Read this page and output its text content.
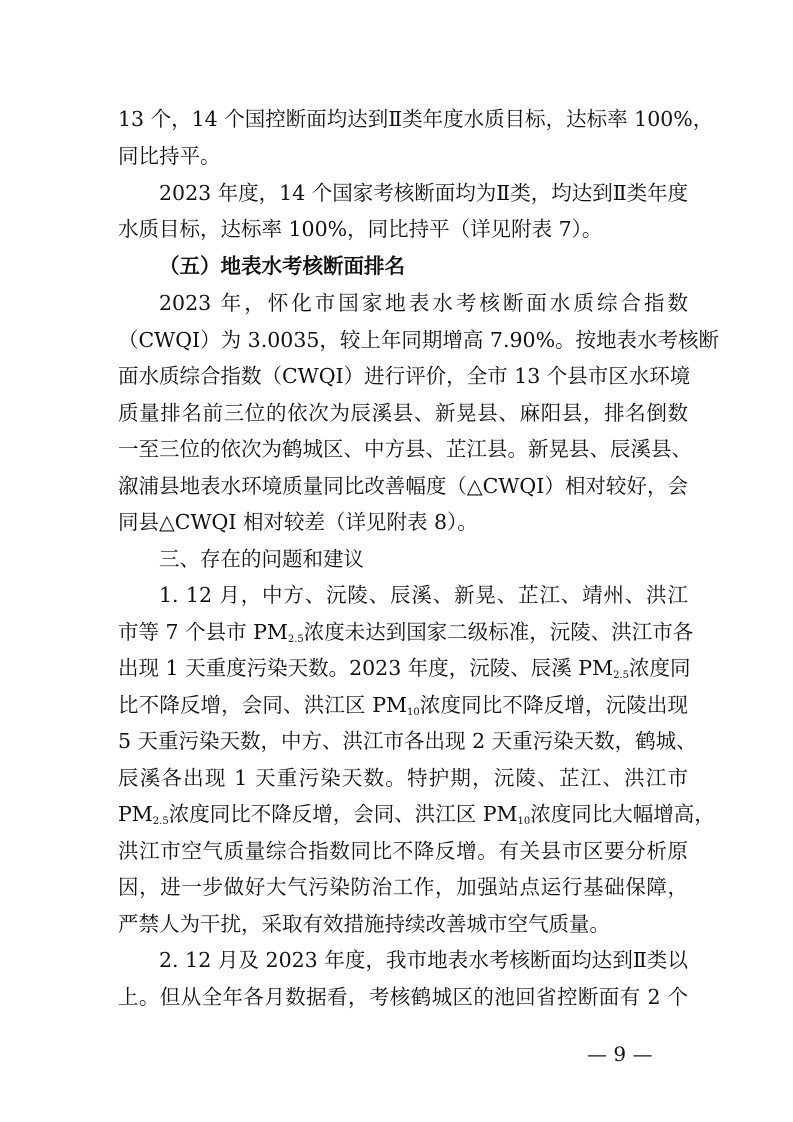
13 个，14 个国控断面均达到Ⅱ类年度水质目标，达标率 100%，
同比持平。
2023 年度，14 个国家考核断面均为Ⅱ类，均达到Ⅱ类年度
水质目标，达标率 100%，同比持平（详见附表 7）。
（五）地表水考核断面排名
2023 年，怀化市国家地表水考核断面水质综合指数
（CWQI）为 3.0035，较上年同期增高 7.90%。按地表水考核断
面水质综合指数（CWQI）进行评价，全市 13 个县市区水环境
质量排名前三位的依次为辰溪县、新晃县、麻阳县，排名倒数
一至三位的依次为鹤城区、中方县、芷江县。新晃县、辰溪县、
溆浦县地表水环境质量同比改善幅度（△CWQI）相对较好，会
同县△CWQI 相对较差（详见附表 8）。
三、存在的问题和建议
1. 12 月，中方、沅陵、辰溪、新晃、芷江、靖州、洪江
市等 7 个县市 $PM_{2.5}$浓度未达到国家二级标准，沅陵、洪江市各
出现 1 天重度污染天数。2023 年度，沅陵、辰溪 $PM_{2.5}$浓度同
比不降反增，会同、洪江区 $PM_{10}$浓度同比不降反增，沅陵出现
5 天重污染天数，中方、洪江市各出现 2 天重污染天数，鹤城、
辰溪各出现 1 天重污染天数。特护期，沅陵、芷江、洪江市
$PM_{2.5}$浓度同比不降反增，会同、洪江区 $PM_{10}$浓度同比大幅增高，
洪江市空气质量综合指数同比不降反增。有关县市区要分析原
因，进一步做好大气污染防治工作，加强站点运行基础保障，
严禁人为干扰，采取有效措施持续改善城市空气质量。
2. 12 月及 2023 年度，我市地表水考核断面均达到Ⅱ类以
上。但从全年各月数据看，考核鹤城区的池回省控断面有 2 个
— 9 —
